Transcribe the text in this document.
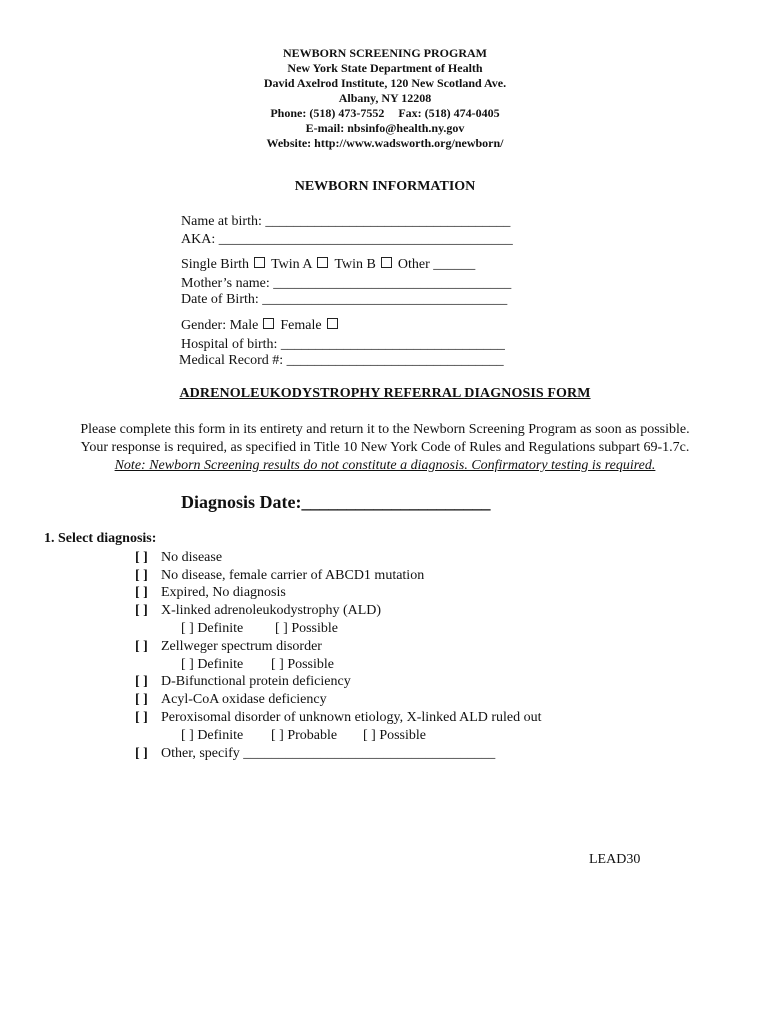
NEWBORN SCREENING PROGRAM
New York State Department of Health
David Axelrod Institute, 120 New Scotland Ave.
Albany, NY 12208
Phone: (518) 473-7552 Fax: (518) 474-0405
E-mail: nbsinfo@health.ny.gov
Website: http://www.wadsworth.org/newborn/
NEWBORN INFORMATION
Name at birth: ___________________________________
AKA: __________________________________________
Single Birth Twin A Twin B Other ______
Mother’s name: __________________________________
Date of Birth: ___________________________________
Gender: Male Female
Hospital of birth: ________________________________
Medical Record #: _______________________________
ADRENOLEUKODYSTROPHY REFERRAL DIAGNOSIS FORM
Please complete this form in its entirety and return it to the Newborn Screening Program as soon as possible.
Your response is required, as specified in Title 10 New York Code of Rules and Regulations subpart 69-1.7c.
Note: Newborn Screening results do not constitute a diagnosis. Confirmatory testing is required.
Diagnosis Date:_____________________
1. Select diagnosis:
[ ] No disease
[ ] No disease, female carrier of ABCD1 mutation
[ ] Expired, No diagnosis
[ ] X-linked adrenoleukodystrophy (ALD)
[ ] Definite [ ] Possible
[ ] Zellweger spectrum disorder
[ ] Definite [ ] Possible
[ ] D-Bifunctional protein deficiency
[ ] Acyl-CoA oxidase deficiency
[ ] Peroxisomal disorder of unknown etiology, X-linked ALD ruled out
[ ] Definite [ ] Probable [ ] Possible
[ ] Other, specify ____________________________________
LEAD30
